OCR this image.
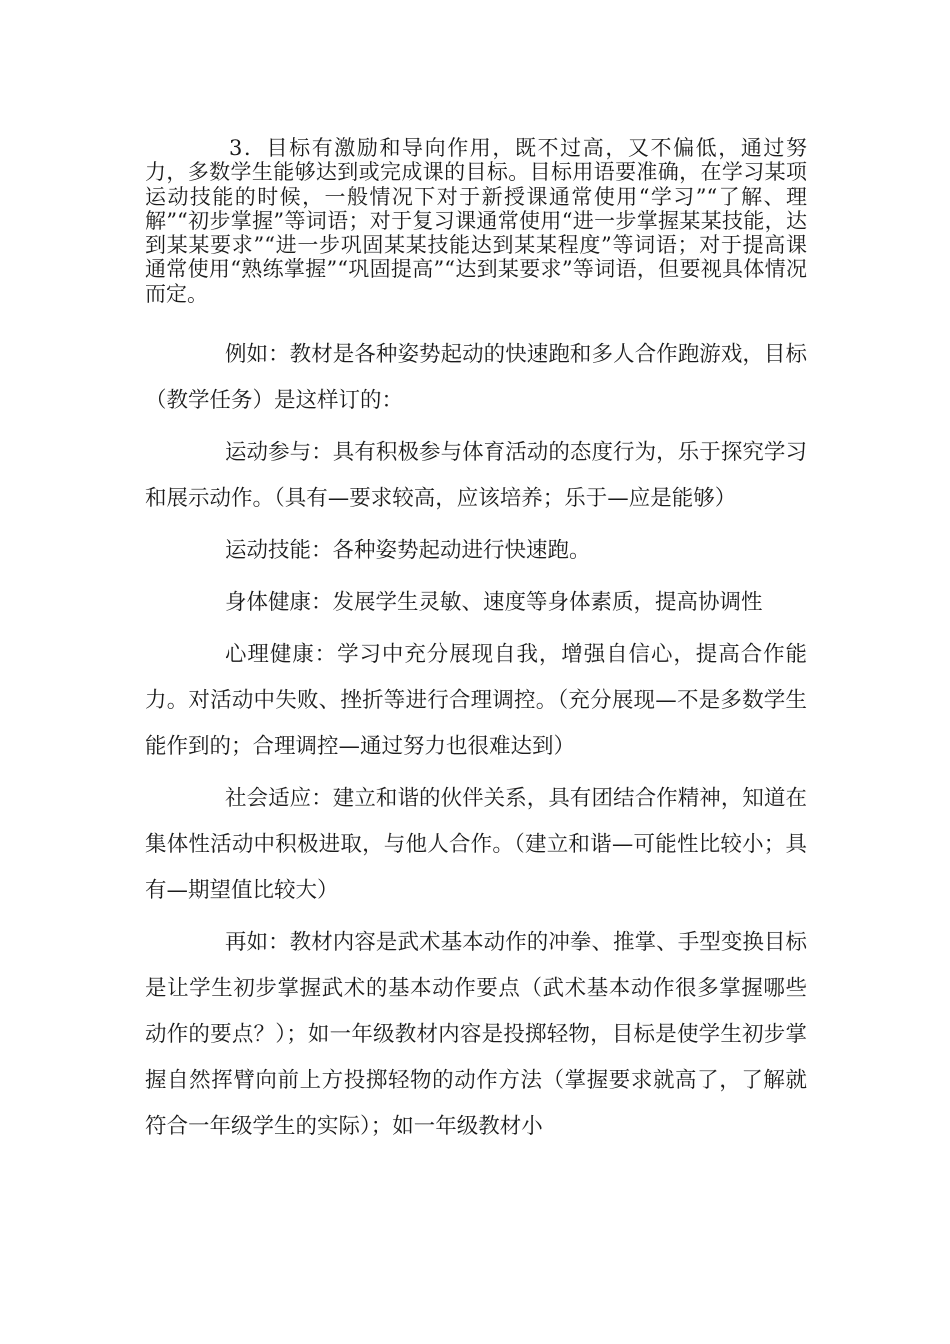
3．目标有激励和导向作用，既不过高，又不偏低，通过努力，多数学生能够达到或完成课的目标。目标用语要准确，在学习某项运动技能的时候，一般情况下对于新授课通常使用“学习”“了解、理解”“初步掌握”等词语；对于复习课通常使用“进一步掌握某某技能，达到某某要求”“进一步巩固某某技能达到某某程度”等词语；对于提高课通常使用“熟练掌握”“巩固提高”“达到某要求”等词语，但要视具体情况而定。

例如：教材是各种姿势起动的快速跑和多人合作跑游戏，目标（教学任务）是这样订的：

运动参与：具有积极参与体育活动的态度行为，乐于探究学习和展示动作。（具有—要求较高，应该培养；乐于—应是能够）

运动技能：各种姿势起动进行快速跑。

身体健康：发展学生灵敏、速度等身体素质，提高协调性

心理健康：学习中充分展现自我，增强自信心，提高合作能力。对活动中失败、挫折等进行合理调控。（充分展现—不是多数学生能作到的；合理调控—通过努力也很难达到）

社会适应：建立和谐的伙伴关系，具有团结合作精神，知道在集体性活动中积极进取，与他人合作。（建立和谐—可能性比较小；具有—期望值比较大）

再如：教材内容是武术基本动作的冲拳、推掌、手型变换目标是让学生初步掌握武术的基本动作要点（武术基本动作很多掌握哪些动作的要点？）；如一年级教材内容是投掷轻物，目标是使学生初步掌握自然挥臂向前上方投掷轻物的动作方法（掌握要求就高了，了解就符合一年级学生的实际）；如一年级教材小
